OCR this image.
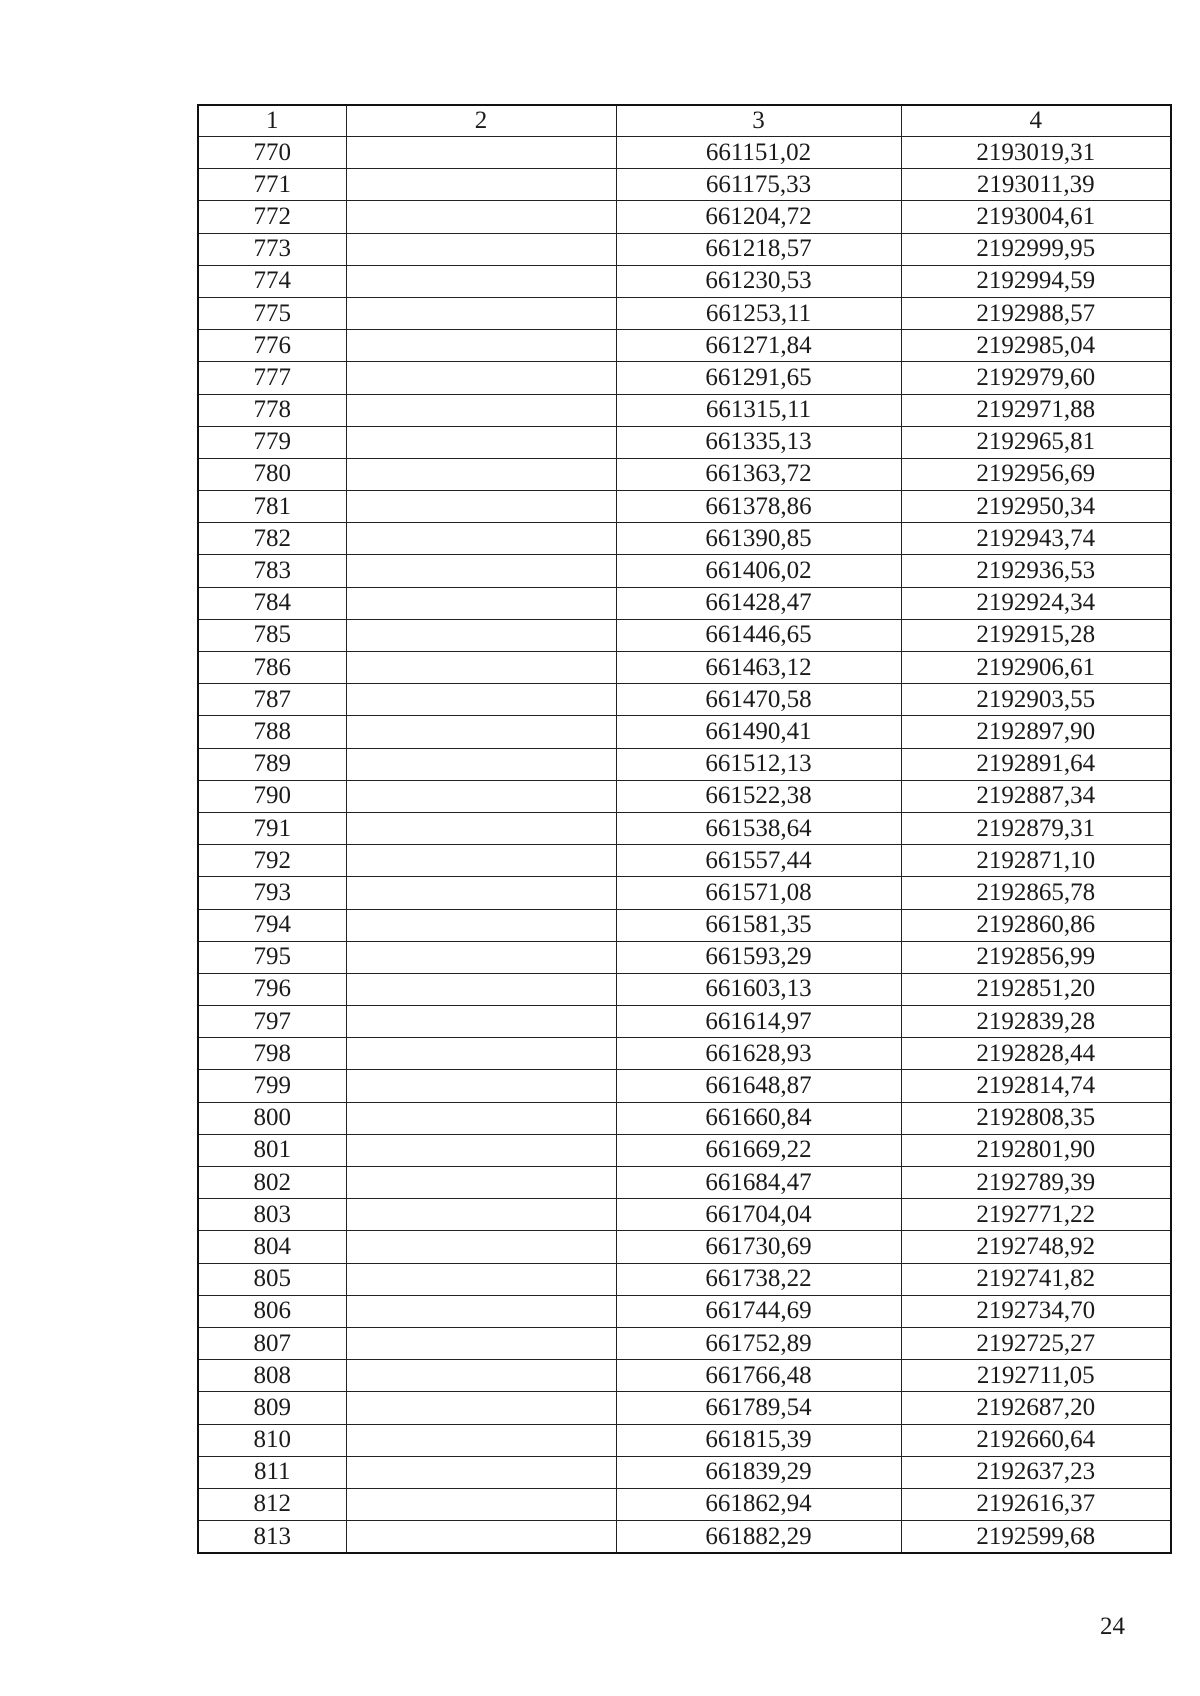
1	2	3	4
770		661151,02	2193019,31
771		661175,33	2193011,39
772		661204,72	2193004,61
773		661218,57	2192999,95
774		661230,53	2192994,59
775		661253,11	2192988,57
776		661271,84	2192985,04
777		661291,65	2192979,60
778		661315,11	2192971,88
779		661335,13	2192965,81
780		661363,72	2192956,69
781		661378,86	2192950,34
782		661390,85	2192943,74
783		661406,02	2192936,53
784		661428,47	2192924,34
785		661446,65	2192915,28
786		661463,12	2192906,61
787		661470,58	2192903,55
788		661490,41	2192897,90
789		661512,13	2192891,64
790		661522,38	2192887,34
791		661538,64	2192879,31
792		661557,44	2192871,10
793		661571,08	2192865,78
794		661581,35	2192860,86
795		661593,29	2192856,99
796		661603,13	2192851,20
797		661614,97	2192839,28
798		661628,93	2192828,44
799		661648,87	2192814,74
800		661660,84	2192808,35
801		661669,22	2192801,90
802		661684,47	2192789,39
803		661704,04	2192771,22
804		661730,69	2192748,92
805		661738,22	2192741,82
806		661744,69	2192734,70
807		661752,89	2192725,27
808		661766,48	2192711,05
809		661789,54	2192687,20
810		661815,39	2192660,64
811		661839,29	2192637,23
812		661862,94	2192616,37
813		661882,29	2192599,68
24
